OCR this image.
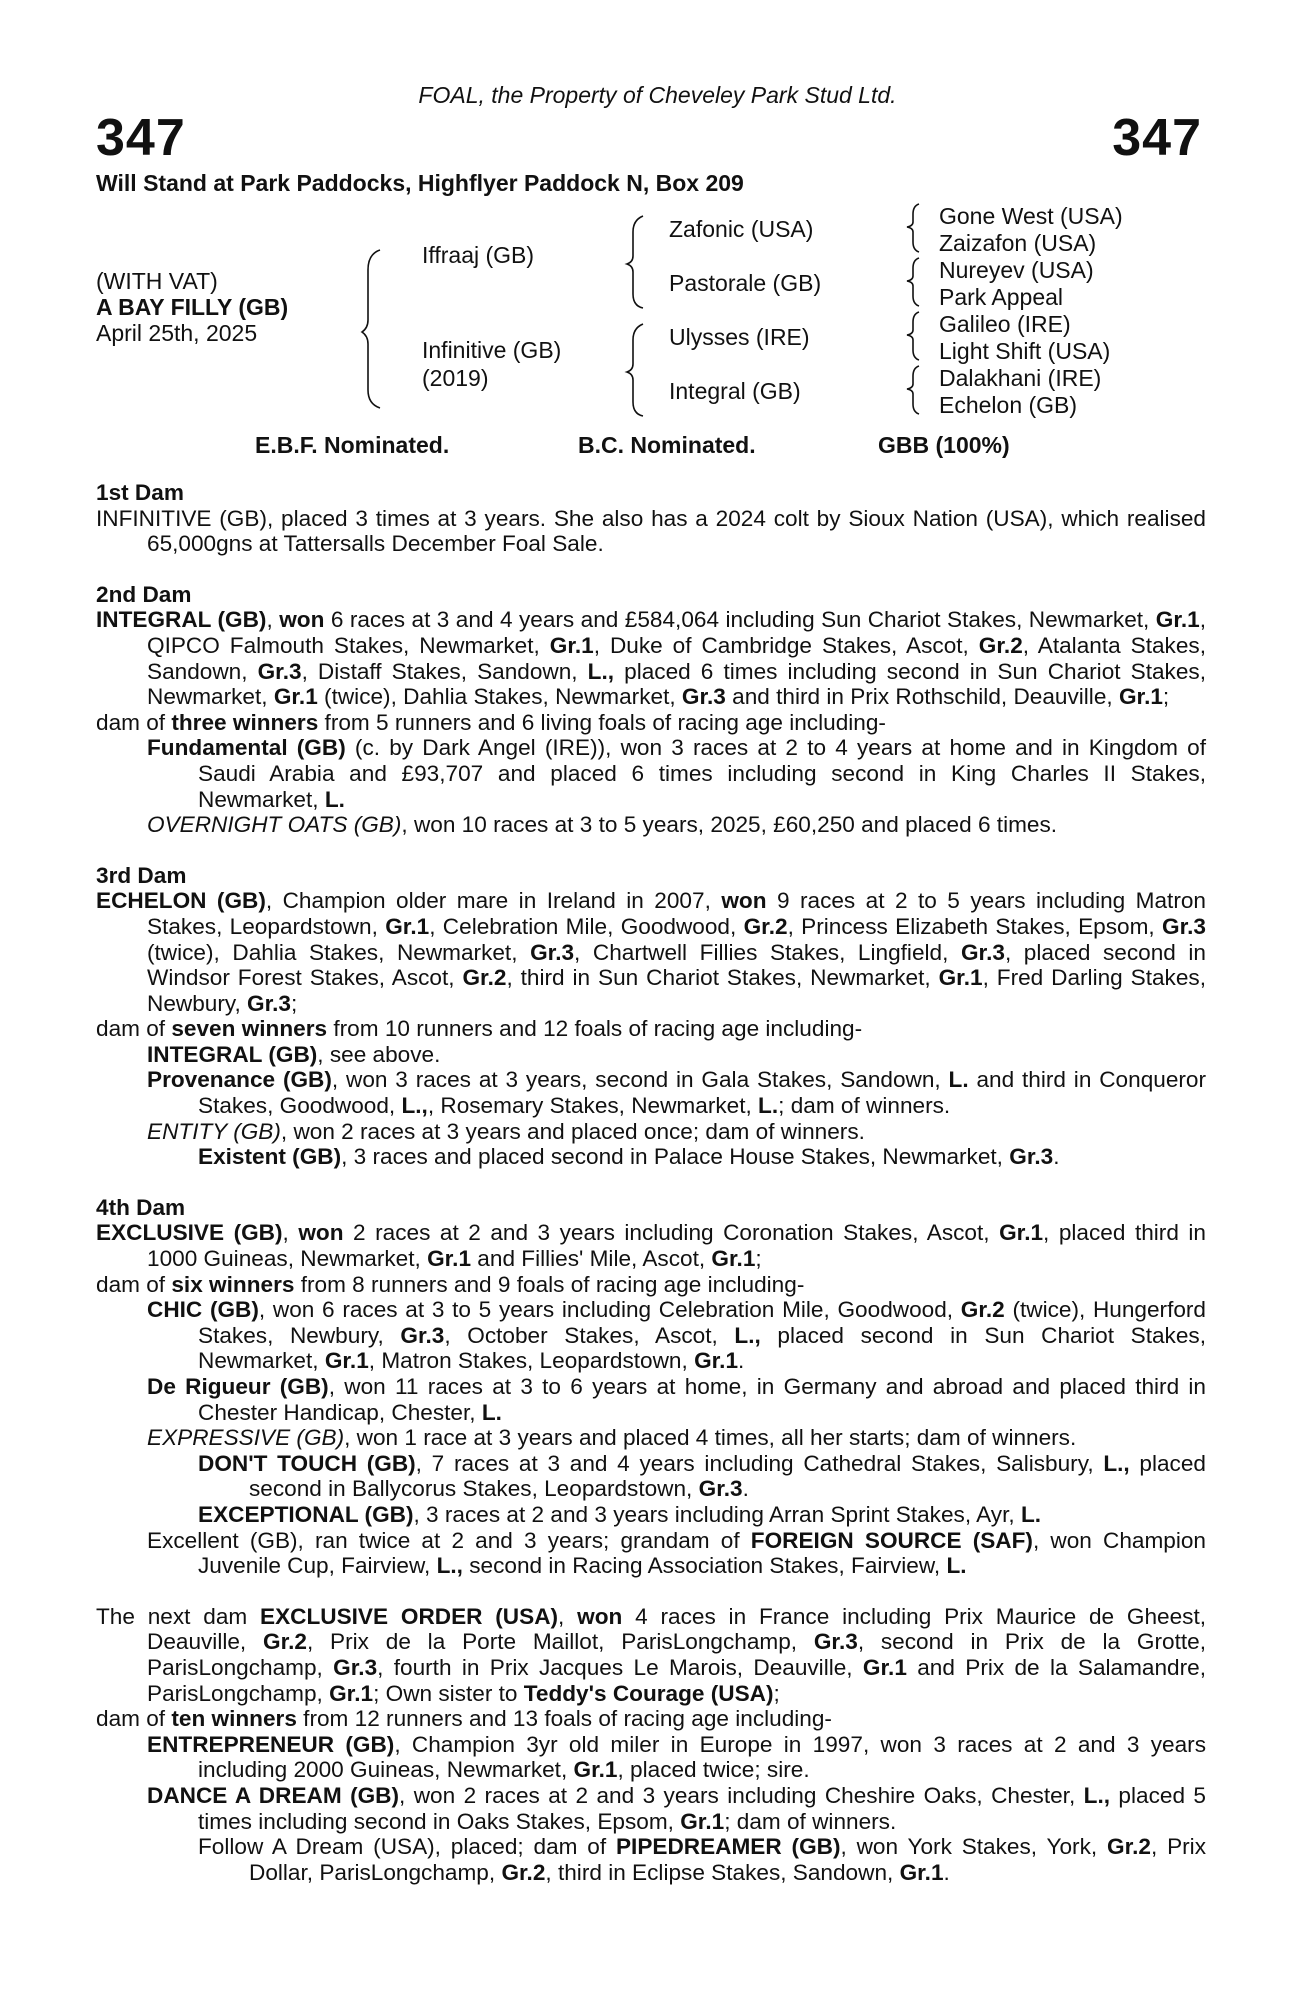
FOAL, the Property of Cheveley Park Stud Ltd.
347	347
Will Stand at Park Paddocks, Highflyer Paddock N, Box 209
(WITH VAT)
A BAY FILLY (GB)
April 25th, 2025
Iffraaj (GB)
Infinitive (GB)
(2019)
Zafonic (USA)
Pastorale (GB)
Ulysses (IRE)
Integral (GB)
Gone West (USA)
Zaizafon (USA)
Nureyev (USA)
Park Appeal
Galileo (IRE)
Light Shift (USA)
Dalakhani (IRE)
Echelon (GB)
E.B.F. Nominated.	B.C. Nominated.	GBB (100%)
1st Dam
INFINITIVE (GB), placed 3 times at 3 years. She also has a 2024 colt by Sioux Nation (USA), which realised 65,000gns at Tattersalls December Foal Sale.
2nd Dam
INTEGRAL (GB), won 6 races at 3 and 4 years and £584,064 including Sun Chariot Stakes, Newmarket, Gr.1, QIPCO Falmouth Stakes, Newmarket, Gr.1, Duke of Cambridge Stakes, Ascot, Gr.2, Atalanta Stakes, Sandown, Gr.3, Distaff Stakes, Sandown, L., placed 6 times including second in Sun Chariot Stakes, Newmarket, Gr.1 (twice), Dahlia Stakes, Newmarket, Gr.3 and third in Prix Rothschild, Deauville, Gr.1;
dam of three winners from 5 runners and 6 living foals of racing age including-
Fundamental (GB) (c. by Dark Angel (IRE)), won 3 races at 2 to 4 years at home and in Kingdom of Saudi Arabia and £93,707 and placed 6 times including second in King Charles II Stakes, Newmarket, L.
OVERNIGHT OATS (GB), won 10 races at 3 to 5 years, 2025, £60,250 and placed 6 times.
3rd Dam
ECHELON (GB), Champion older mare in Ireland in 2007, won 9 races at 2 to 5 years including Matron Stakes, Leopardstown, Gr.1, Celebration Mile, Goodwood, Gr.2, Princess Elizabeth Stakes, Epsom, Gr.3 (twice), Dahlia Stakes, Newmarket, Gr.3, Chartwell Fillies Stakes, Lingfield, Gr.3, placed second in Windsor Forest Stakes, Ascot, Gr.2, third in Sun Chariot Stakes, Newmarket, Gr.1, Fred Darling Stakes, Newbury, Gr.3;
dam of seven winners from 10 runners and 12 foals of racing age including-
INTEGRAL (GB), see above.
Provenance (GB), won 3 races at 3 years, second in Gala Stakes, Sandown, L. and third in Conqueror Stakes, Goodwood, L.,, Rosemary Stakes, Newmarket, L.; dam of winners.
ENTITY (GB), won 2 races at 3 years and placed once; dam of winners.
Existent (GB), 3 races and placed second in Palace House Stakes, Newmarket, Gr.3.
4th Dam
EXCLUSIVE (GB), won 2 races at 2 and 3 years including Coronation Stakes, Ascot, Gr.1, placed third in 1000 Guineas, Newmarket, Gr.1 and Fillies' Mile, Ascot, Gr.1;
dam of six winners from 8 runners and 9 foals of racing age including-
CHIC (GB), won 6 races at 3 to 5 years including Celebration Mile, Goodwood, Gr.2 (twice), Hungerford Stakes, Newbury, Gr.3, October Stakes, Ascot, L., placed second in Sun Chariot Stakes, Newmarket, Gr.1, Matron Stakes, Leopardstown, Gr.1.
De Rigueur (GB), won 11 races at 3 to 6 years at home, in Germany and abroad and placed third in Chester Handicap, Chester, L.
EXPRESSIVE (GB), won 1 race at 3 years and placed 4 times, all her starts; dam of winners.
DON'T TOUCH (GB), 7 races at 3 and 4 years including Cathedral Stakes, Salisbury, L., placed second in Ballycorus Stakes, Leopardstown, Gr.3.
EXCEPTIONAL (GB), 3 races at 2 and 3 years including Arran Sprint Stakes, Ayr, L.
Excellent (GB), ran twice at 2 and 3 years; grandam of FOREIGN SOURCE (SAF), won Champion Juvenile Cup, Fairview, L., second in Racing Association Stakes, Fairview, L.
The next dam EXCLUSIVE ORDER (USA), won 4 races in France including Prix Maurice de Gheest, Deauville, Gr.2, Prix de la Porte Maillot, ParisLongchamp, Gr.3, second in Prix de la Grotte, ParisLongchamp, Gr.3, fourth in Prix Jacques Le Marois, Deauville, Gr.1 and Prix de la Salamandre, ParisLongchamp, Gr.1; Own sister to Teddy's Courage (USA);
dam of ten winners from 12 runners and 13 foals of racing age including-
ENTREPRENEUR (GB), Champion 3yr old miler in Europe in 1997, won 3 races at 2 and 3 years including 2000 Guineas, Newmarket, Gr.1, placed twice; sire.
DANCE A DREAM (GB), won 2 races at 2 and 3 years including Cheshire Oaks, Chester, L., placed 5 times including second in Oaks Stakes, Epsom, Gr.1; dam of winners.
Follow A Dream (USA), placed; dam of PIPEDREAMER (GB), won York Stakes, York, Gr.2, Prix Dollar, ParisLongchamp, Gr.2, third in Eclipse Stakes, Sandown, Gr.1.
